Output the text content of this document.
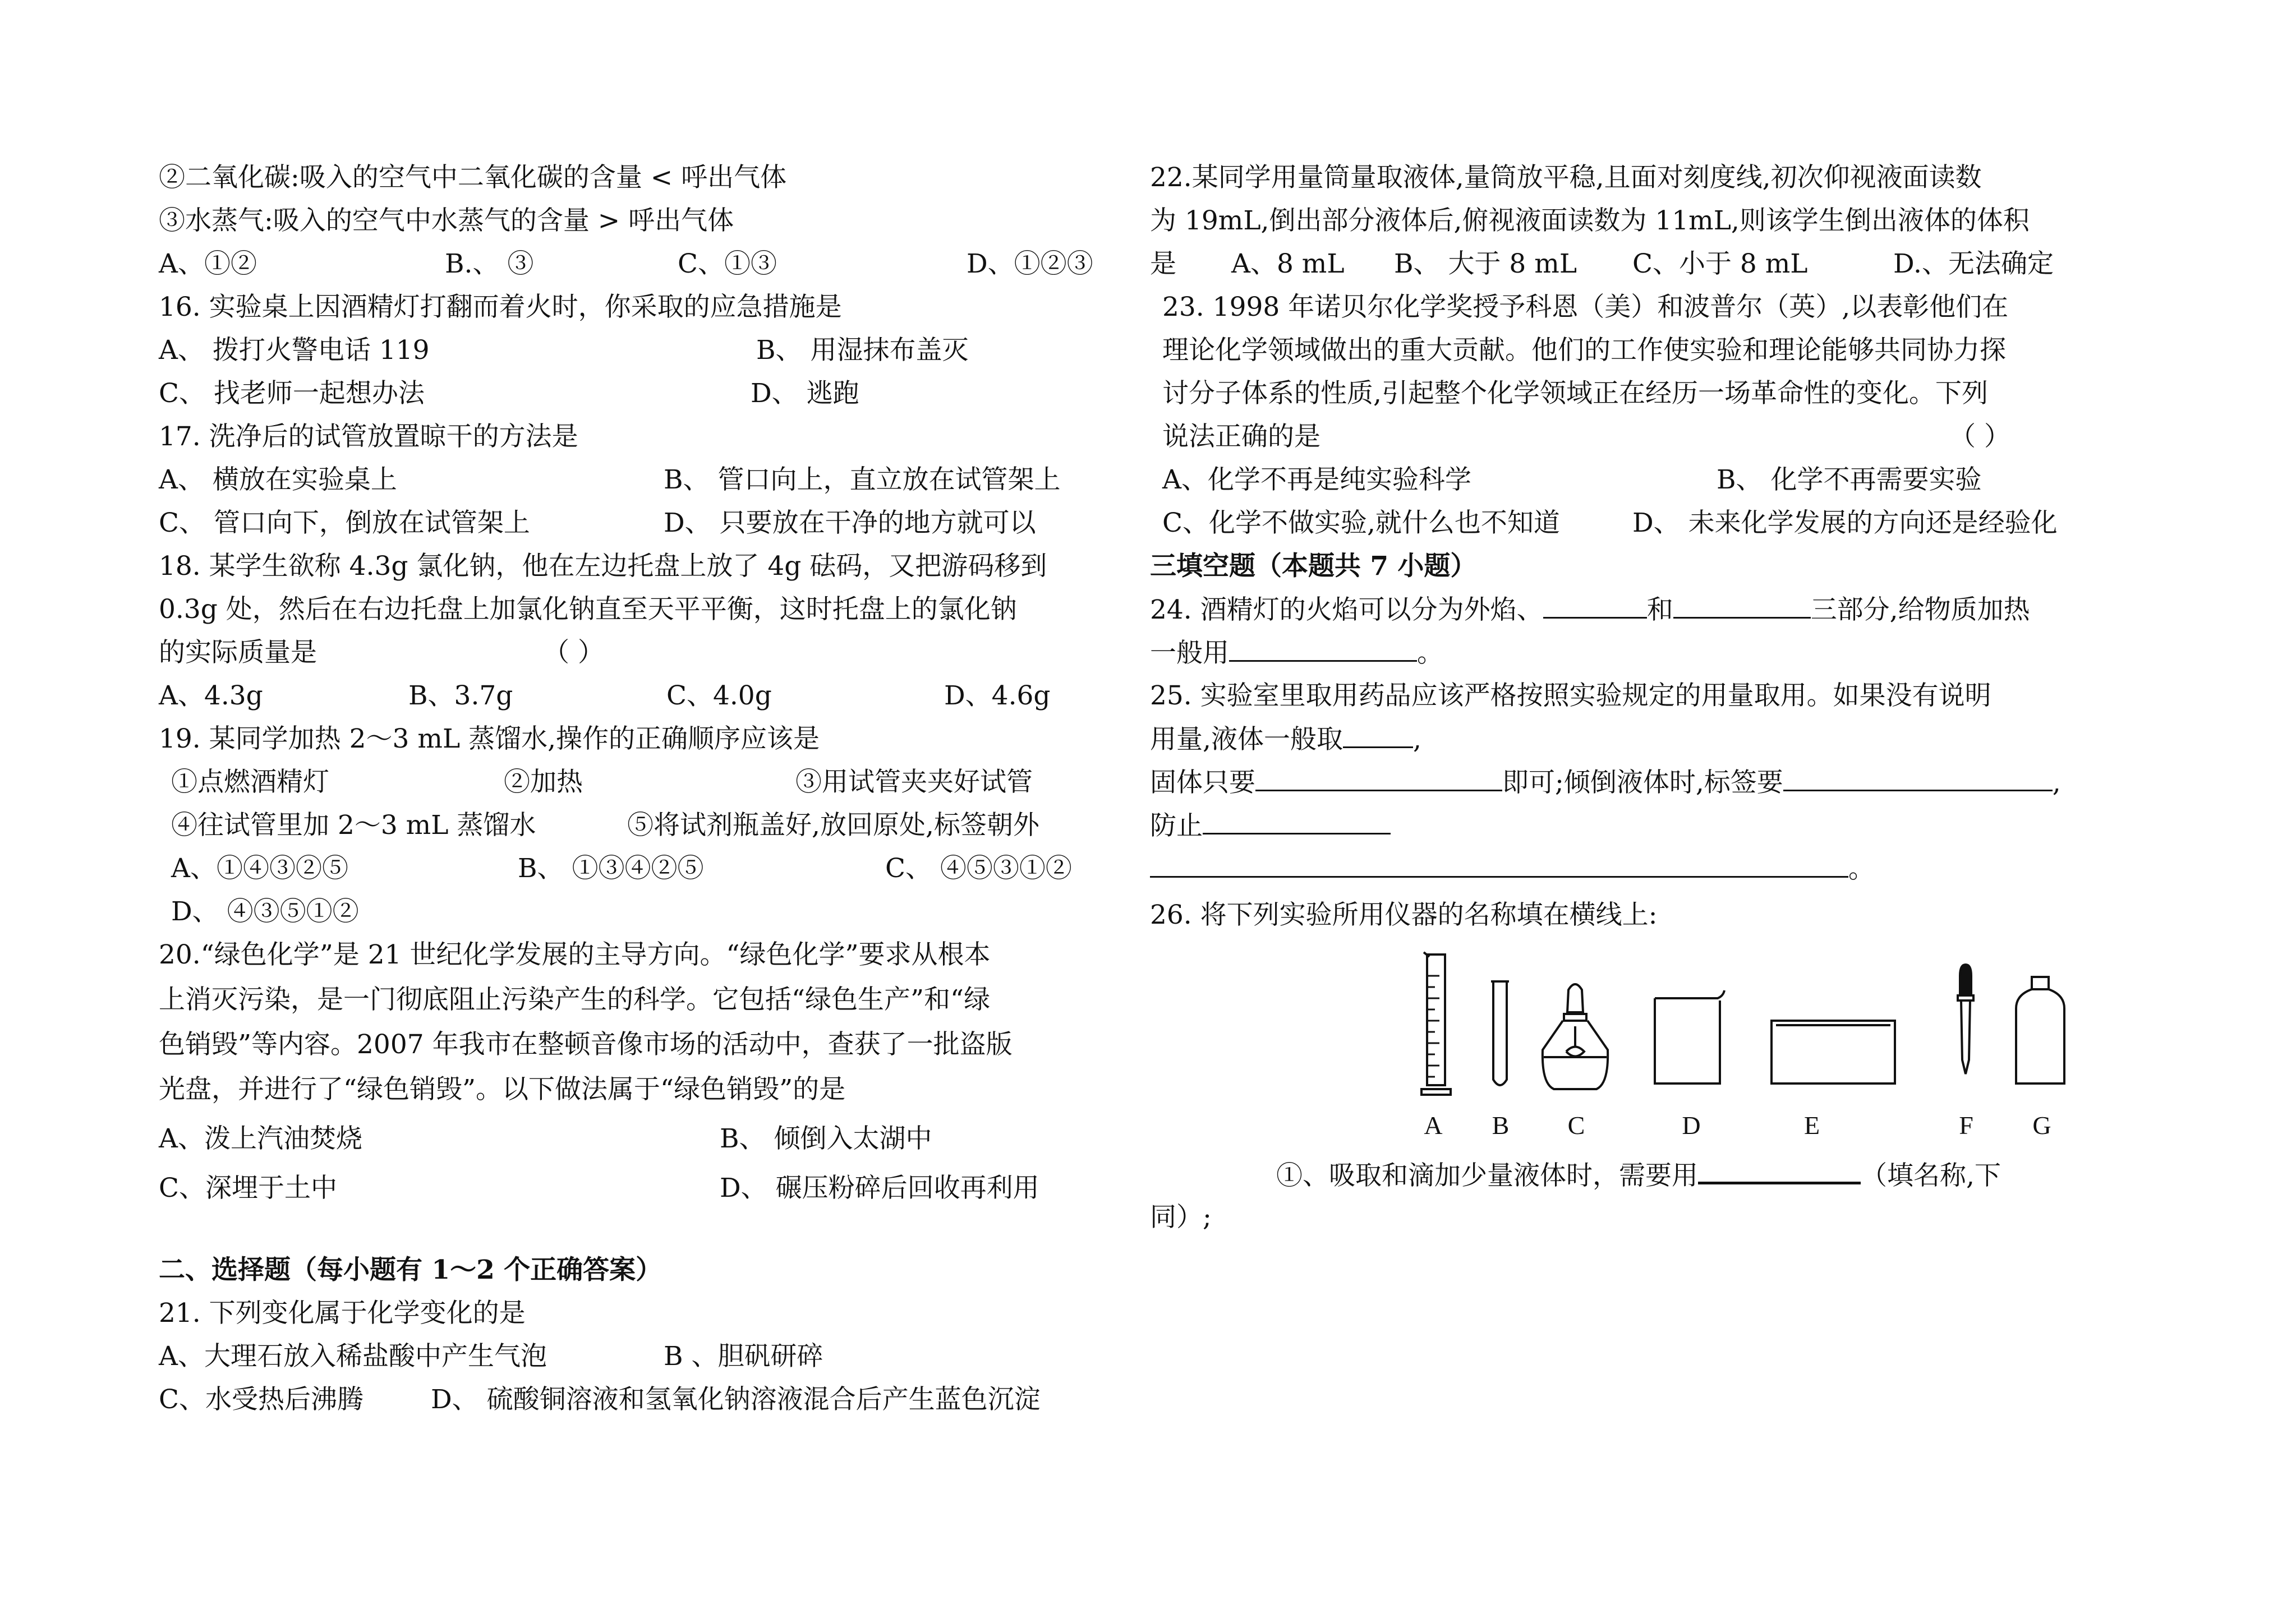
②二氧化碳:吸入的空气中二氧化碳的含量 < 呼出气体
③水蒸气:吸入的空气中水蒸气的含量 > 呼出气体
A、①②	B.、 ③	C、①③	D、①②③
16. 实验桌上因酒精灯打翻而着火时，你采取的应急措施是
A、 拨打火警电话 119	B、 用湿抹布盖灭
C、 找老师一起想办法	D、 逃跑
17. 洗净后的试管放置晾干的方法是
A、 横放在实验桌上	B、 管口向上，直立放在试管架上
C、 管口向下，倒放在试管架上	D、 只要放在干净的地方就可以
18. 某学生欲称 4.3g 氯化钠，他在左边托盘上放了 4g 砝码，又把游码移到
0.3g 处，然后在右边托盘上加氯化钠直至天平平衡，这时托盘上的氯化钠
的实际质量是	（ ）
A、4.3g	B、3.7g	C、4.0g	D、4.6g
19. 某同学加热 2～3 mL 蒸馏水,操作的正确顺序应该是
①点燃酒精灯	②加热	③用试管夹夹好试管
④往试管里加 2～3 mL 蒸馏水	⑤将试剂瓶盖好,放回原处,标签朝外
A、①④③②⑤	B、 ①③④②⑤	C、 ④⑤③①②
D、 ④③⑤①②
20.“绿色化学”是 21 世纪化学发展的主导方向。“绿色化学”要求从根本
上消灭污染，是一门彻底阻止污染产生的科学。它包括“绿色生产”和“绿
色销毁”等内容。2007 年我市在整顿音像市场的活动中，查获了一批盗版
光盘，并进行了“绿色销毁”。以下做法属于“绿色销毁”的是
A、泼上汽油焚烧	B、 倾倒入太湖中
C、深埋于土中	D、 碾压粉碎后回收再利用
二、选择题（每小题有 1～2 个正确答案）
21. 下列变化属于化学变化的是
A、大理石放入稀盐酸中产生气泡	B 、胆矾研碎
C、水受热后沸腾	D、 硫酸铜溶液和氢氧化钠溶液混合后产生蓝色沉淀
22.某同学用量筒量取液体,量筒放平稳,且面对刻度线,初次仰视液面读数
为 19mL,倒出部分液体后,俯视液面读数为 11mL,则该学生倒出液体的体积
是 A、8 mL B、 大于 8 mL C、小于 8 mL	D.、无法确定
23. 1998 年诺贝尔化学奖授予科恩（美）和波普尔（英）,以表彰他们在
理论化学领域做出的重大贡献。他们的工作使实验和理论能够共同协力探
讨分子体系的性质,引起整个化学领域正在经历一场革命性的变化。下列
说法正确的是	（ ）
A、化学不再是纯实验科学	B、 化学不再需要实验
C、化学不做实验,就什么也不知道	D、 未来化学发展的方向还是经验化
三填空题（本题共 7 小题）
24. 酒精灯的火焰可以分为外焰、	和	三部分,给物质加热
一般用	。
25. 实验室里取用药品应该严格按照实验规定的用量取用。如果没有说明
用量,液体一般取	,
固体只要	即可;倾倒液体时,标签要	,
防止
。
26. 将下列实验所用仪器的名称填在横线上:
A	B	C	D	E	F	G
①、吸取和滴加少量液体时，需要用	（填名称,下
同）;
